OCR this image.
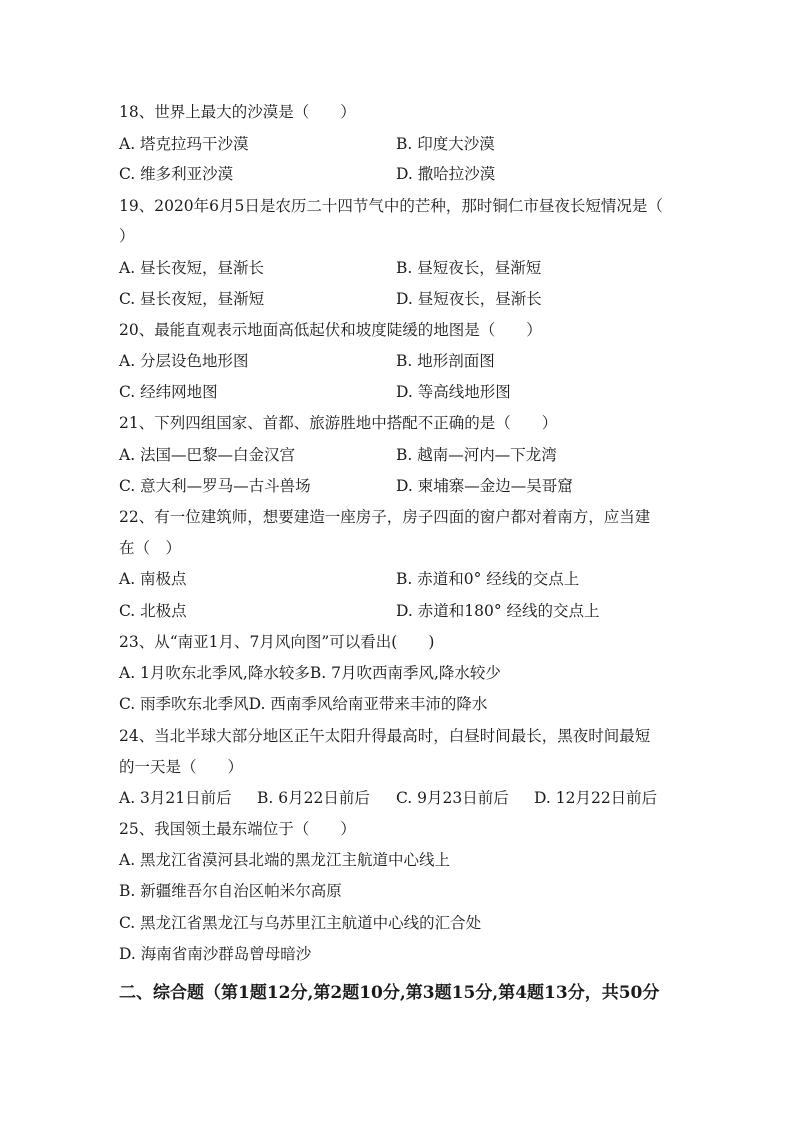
18、世界上最大的沙漠是（　　）
A. 塔克拉玛干沙漠	B. 印度大沙漠
C. 维多利亚沙漠	D. 撒哈拉沙漠
19、2020年6月5日是农历二十四节气中的芒种，那时铜仁市昼夜长短情况是（
）
A. 昼长夜短，昼渐长	B. 昼短夜长，昼渐短
C. 昼长夜短，昼渐短	D. 昼短夜长，昼渐长
20、最能直观表示地面高低起伏和坡度陡缓的地图是（　　）
A. 分层设色地形图	B. 地形剖面图
C. 经纬网地图	D. 等高线地形图
21、下列四组国家、首都、旅游胜地中搭配不正确的是（　　）
A. 法国—巴黎—白金汉宫	B. 越南—河内—下龙湾
C. 意大利—罗马—古斗兽场	D. 柬埔寨—金边—吴哥窟
22、有一位建筑师，想要建造一座房子，房子四面的窗户都对着南方，应当建
在（　）
A. 南极点	B. 赤道和0° 经线的交点上
C. 北极点	D. 赤道和180° 经线的交点上
23、从“南亚1月、7月风向图”可以看出(　　)
A. 1月吹东北季风,降水较多B. 7月吹西南季风,降水较少
C. 雨季吹东北季风D. 西南季风给南亚带来丰沛的降水
24、当北半球大部分地区正午太阳升得最高时，白昼时间最长，黑夜时间最短
的一天是（　　）
A. 3月21日前后 B. 6月22日前后 C. 9月23日前后 D. 12月22日前后
25、我国领土最东端位于（　　）
A. 黑龙江省漠河县北端的黑龙江主航道中心线上
B. 新疆维吾尔自治区帕米尔高原
C. 黑龙江省黑龙江与乌苏里江主航道中心线的汇合处
D. 海南省南沙群岛曾母暗沙
二、综合题（第1题12分,第2题10分,第3题15分,第4题13分，共50分
